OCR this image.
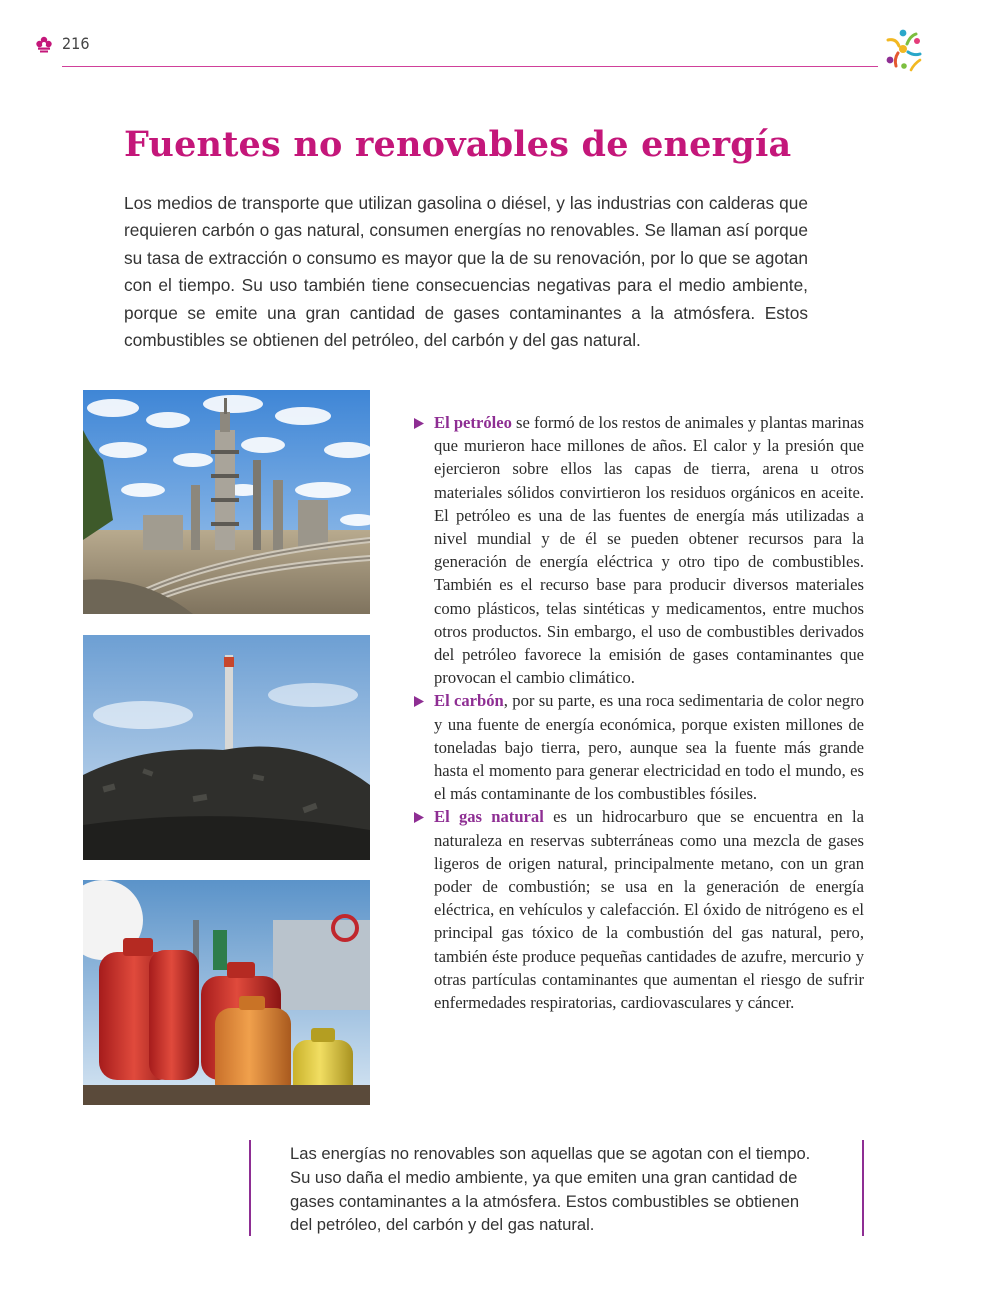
216
Fuentes no renovables de energía

Los medios de transporte que utilizan gasolina o diésel, y las industrias con calderas que requieren carbón o gas natural, consumen energías no renovables. Se llaman así porque su tasa de extracción o consumo es mayor que la de su renovación, por lo que se agotan con el tiempo. Su uso también tiene consecuencias negativas para el medio ambiente, porque se emite una gran cantidad de gases contaminantes a la atmósfera. Estos combustibles se obtienen del petróleo, del carbón y del gas natural.

El petróleo se formó de los restos de animales y plantas marinas que murieron hace millones de años. El calor y la presión que ejercieron sobre ellos las capas de tierra, arena u otros materiales sólidos convirtieron los residuos orgánicos en aceite. El petróleo es una de las fuentes de energía más utilizadas a nivel mundial y de él se pueden obtener recursos para la generación de energía eléctrica y otro tipo de combustibles. También es el recurso base para producir diversos materiales como plásticos, telas sintéticas y medicamentos, entre muchos otros productos. Sin embargo, el uso de combustibles derivados del petróleo favorece la emisión de gases contaminantes que provocan el cambio climático.
El carbón, por su parte, es una roca sedimentaria de color negro y una fuente de energía económica, porque existen millones de toneladas bajo tierra, pero, aunque sea la fuente más grande hasta el momento para generar electricidad en todo el mundo, es el más contaminante de los combustibles fósiles.
El gas natural es un hidrocarburo que se encuentra en la naturaleza en reservas subterráneas como una mezcla de gases ligeros de origen natural, principalmente metano, con un gran poder de combustión; se usa en la generación de energía eléctrica, en vehículos y calefacción. El óxido de nitrógeno es el principal gas tóxico de la combustión del gas natural, pero, también éste produce pequeñas cantidades de azufre, mercurio y otras partículas contaminantes que aumentan el riesgo de sufrir enfermedades respiratorias, cardiovasculares y cáncer.

Las energías no renovables son aquellas que se agotan con el tiempo. Su uso daña el medio ambiente, ya que emiten una gran cantidad de gases contaminantes a la atmósfera. Estos combustibles se obtienen del petróleo, del carbón y del gas natural.
